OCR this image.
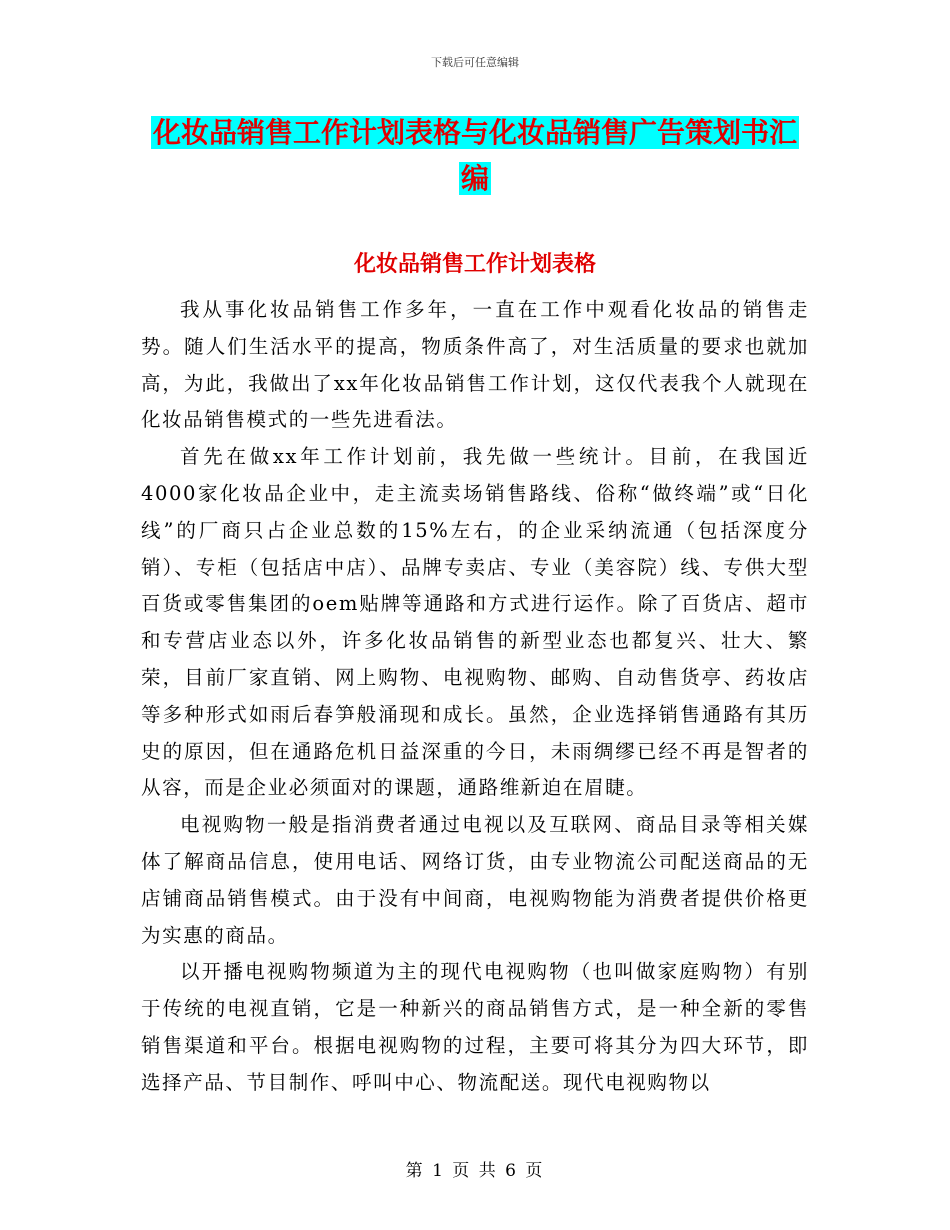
下载后可任意编辑
化妆品销售工作计划表格与化妆品销售广告策划书汇
编
化妆品销售工作计划表格

我从事化妆品销售工作多年，一直在工作中观看化妆品的销售走势。随人们生活水平的提高，物质条件高了，对生活质量的要求也就加高，为此，我做出了xx年化妆品销售工作计划，这仅代表我个人就现在化妆品销售模式的一些先进看法。

首先在做xx年工作计划前，我先做一些统计。目前，在我国近4000家化妆品企业中，走主流卖场销售路线、俗称“做终端”或“日化线”的厂商只占企业总数的15%左右，的企业采纳流通（包括深度分销）、专柜（包括店中店）、品牌专卖店、专业（美容院）线、专供大型百货或零售集团的oem贴牌等通路和方式进行运作。除了百货店、超市和专营店业态以外，许多化妆品销售的新型业态也都复兴、壮大、繁荣，目前厂家直销、网上购物、电视购物、邮购、自动售货亭、药妆店等多种形式如雨后春笋般涌现和成长。虽然，企业选择销售通路有其历史的原因，但在通路危机日益深重的今日，未雨绸缪已经不再是智者的从容，而是企业必须面对的课题，通路维新迫在眉睫。

电视购物一般是指消费者通过电视以及互联网、商品目录等相关媒体了解商品信息，使用电话、网络订货，由专业物流公司配送商品的无店铺商品销售模式。由于没有中间商，电视购物能为消费者提供价格更为实惠的商品。

以开播电视购物频道为主的现代电视购物（也叫做家庭购物）有别于传统的电视直销，它是一种新兴的商品销售方式，是一种全新的零售销售渠道和平台。根据电视购物的过程，主要可将其分为四大环节，即选择产品、节目制作、呼叫中心、物流配送。现代电视购物以

第 1 页 共 6 页
